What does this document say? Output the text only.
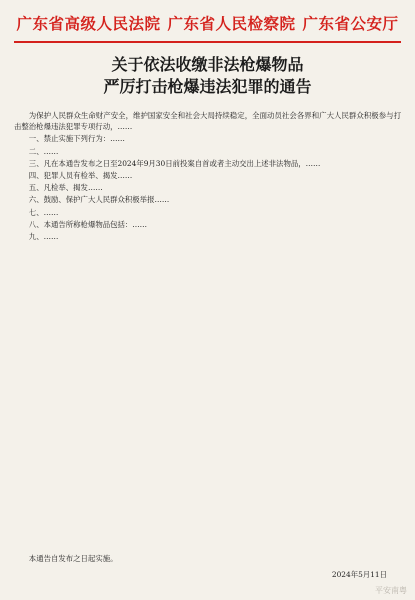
广东省高级人民法院 广东省人民检察院 广东省公安厅
关于依法收缴非法枪爆物品
严厉打击枪爆违法犯罪的通告

为保护人民群众生命财产安全，维护国家安全和社会大局持续稳定，全面动员社会各界和广大人民群众积极参与打击整治枪爆违法犯罪专项行动，……

一、禁止实施下列行为：……

二、……

三、凡在本通告发布之日至2024年9月30日前投案自首或者主动交出上述非法物品，……

四、犯罪人员有检举、揭发……

五、凡检举、揭发……

六、鼓励、保护广大人民群众积极举报……

七、……

八、本通告所称枪爆物品包括：……

九、……

本通告自发布之日起实施。
2024年5月11日
平安南粤
